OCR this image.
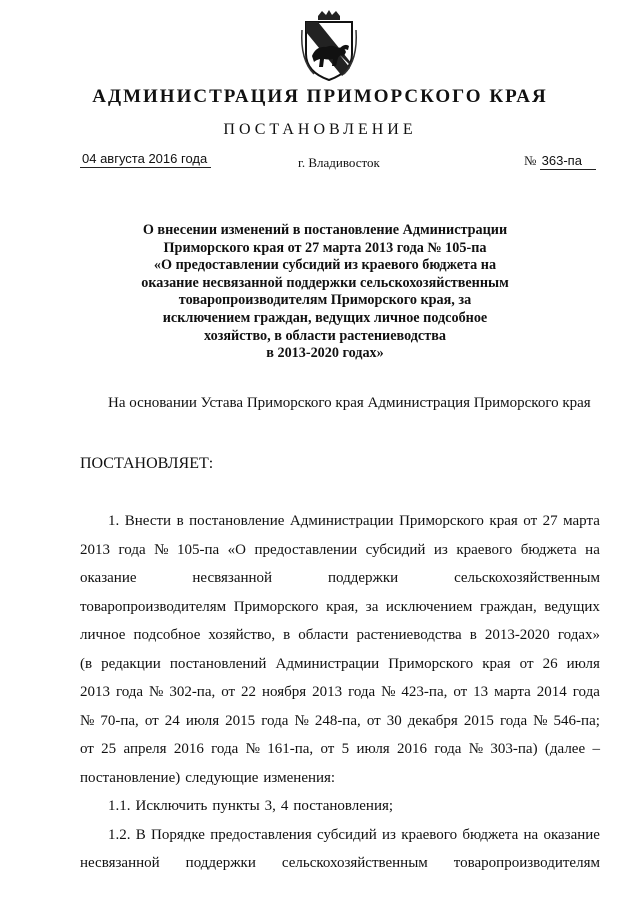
АДМИНИСТРАЦИЯ ПРИМОРСКОГО КРАЯ
ПОСТАНОВЛЕНИЕ
04 августа 2016 года	г. Владивосток	№ 363-па
О внесении изменений в постановление Администрации
Приморского края от 27 марта 2013 года № 105-па
«О предоставлении субсидий из краевого бюджета на
оказание несвязанной поддержки сельскохозяйственным
товаропроизводителям Приморского края, за
исключением граждан, ведущих личное подсобное
хозяйство, в области растениеводства
в 2013-2020 годах»
На основании Устава Приморского края Администрация Приморского края
ПОСТАНОВЛЯЕТ:
1. Внести в постановление Администрации Приморского края от 27 марта
2013 года № 105-па «О предоставлении субсидий из краевого бюджета на
оказание	несвязанной	поддержки	сельскохозяйственным
товаропроизводителям Приморского края, за исключением граждан, ведущих
личное подсобное хозяйство, в области растениеводства в 2013-2020 годах»
(в редакции постановлений Администрации Приморского края от 26 июля
2013 года № 302-па, от 22 ноября 2013 года № 423-па, от 13 марта 2014 года
№ 70-па, от 24 июля 2015 года № 248-па, от 30 декабря 2015 года № 546-па;
от 25 апреля 2016 года № 161-па, от 5 июля 2016 года № 303-па) (далее –
постановление) следующие изменения:
1.1. Исключить пункты 3, 4 постановления;
1.2. В Порядке предоставления субсидий из краевого бюджета на оказание
несвязанной поддержки сельскохозяйственным товаропроизводителям
